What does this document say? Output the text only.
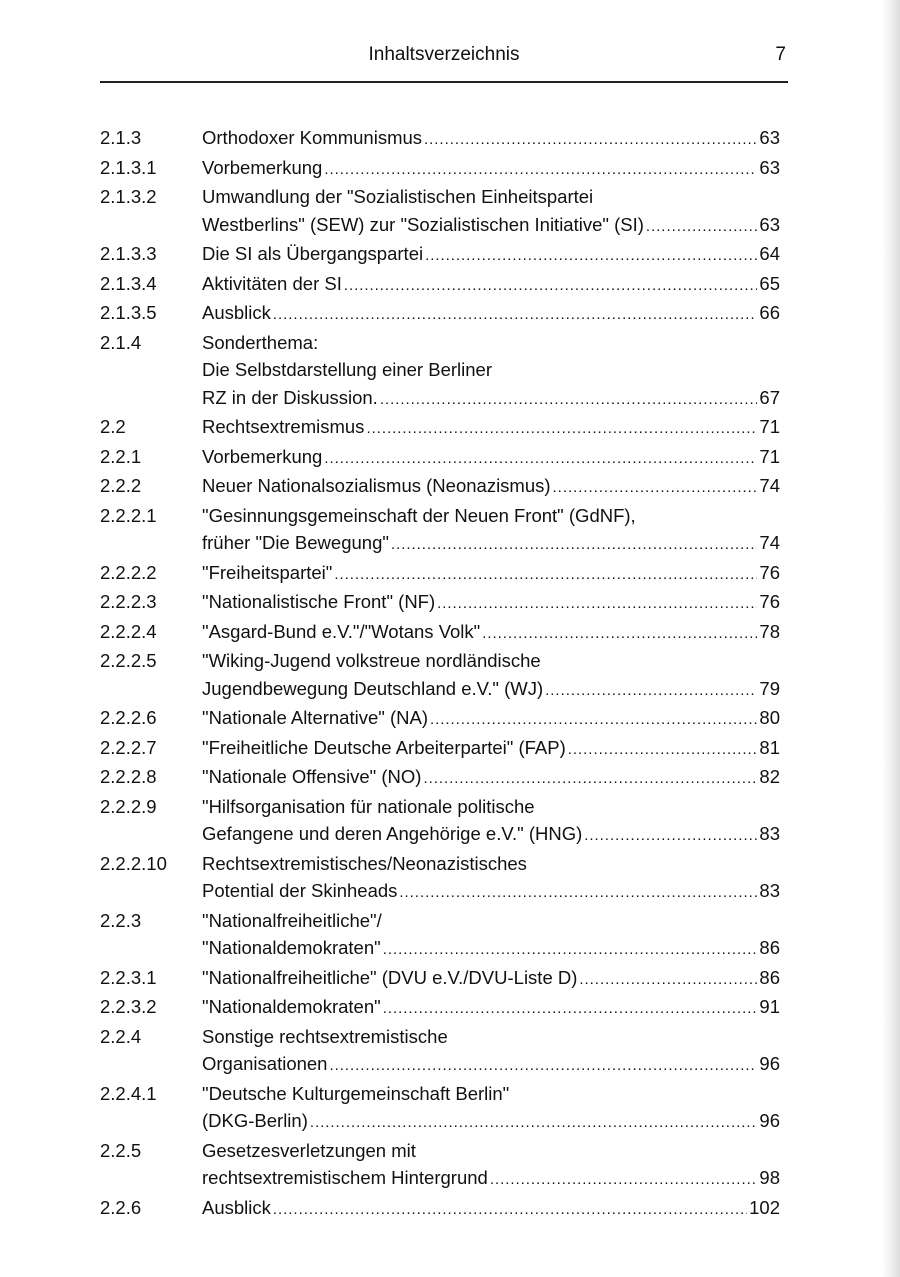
Inhaltsverzeichnis	7
2.1.3	Orthodoxer Kommunismus . . .	63
2.1.3.1	Vorbemerkung . . .	63
2.1.3.2	Umwandlung der "Sozialistischen Einheitspartei
Westberlins" (SEW) zur "Sozialistischen Initiative" (SI) . . .	63
2.1.3.3	Die SI als Übergangspartei . . .	64
2.1.3.4	Aktivitäten der SI . . .	65
2.1.3.5	Ausblick . . .	66
2.1.4	Sonderthema:
Die Selbstdarstellung einer Berliner
RZ in der Diskussion. . . .	67
2.2	Rechtsextremismus . . .	71
2.2.1	Vorbemerkung . . .	71
2.2.2	Neuer Nationalsozialismus (Neonazismus) . . .	74
2.2.2.1	"Gesinnungsgemeinschaft der Neuen Front" (GdNF),
früher "Die Bewegung" . . .	74
2.2.2.2	"Freiheitspartei" . . .	76
2.2.2.3	"Nationalistische Front" (NF) . . .	76
2.2.2.4	"Asgard-Bund e.V."/"Wotans Volk" . . .	78
2.2.2.5	"Wiking-Jugend volkstreue nordländische
Jugendbewegung Deutschland e.V." (WJ) . . .	79
2.2.2.6	"Nationale Alternative" (NA) . . .	80
2.2.2.7	"Freiheitliche Deutsche Arbeiterpartei" (FAP) . . .	81
2.2.2.8	"Nationale Offensive" (NO) . . .	82
2.2.2.9	"Hilfsorganisation für nationale politische
Gefangene und deren Angehörige e.V." (HNG) . . .	83
2.2.2.10	Rechtsextremistisches/Neonazistisches
Potential der Skinheads . . .	83
2.2.3	"Nationalfreiheitliche"/
"Nationaldemokraten" . . .	86
2.2.3.1	"Nationalfreiheitliche" (DVU e.V./DVU-Liste D) . . .	86
2.2.3.2	"Nationaldemokraten" . . .	91
2.2.4	Sonstige rechtsextremistische
Organisationen . . .	96
2.2.4.1	"Deutsche Kulturgemeinschaft Berlin"
(DKG-Berlin) . . .	96
2.2.5	Gesetzesverletzungen mit
rechtsextremistischem Hintergrund . . .	98
2.2.6	Ausblick . . .	102
